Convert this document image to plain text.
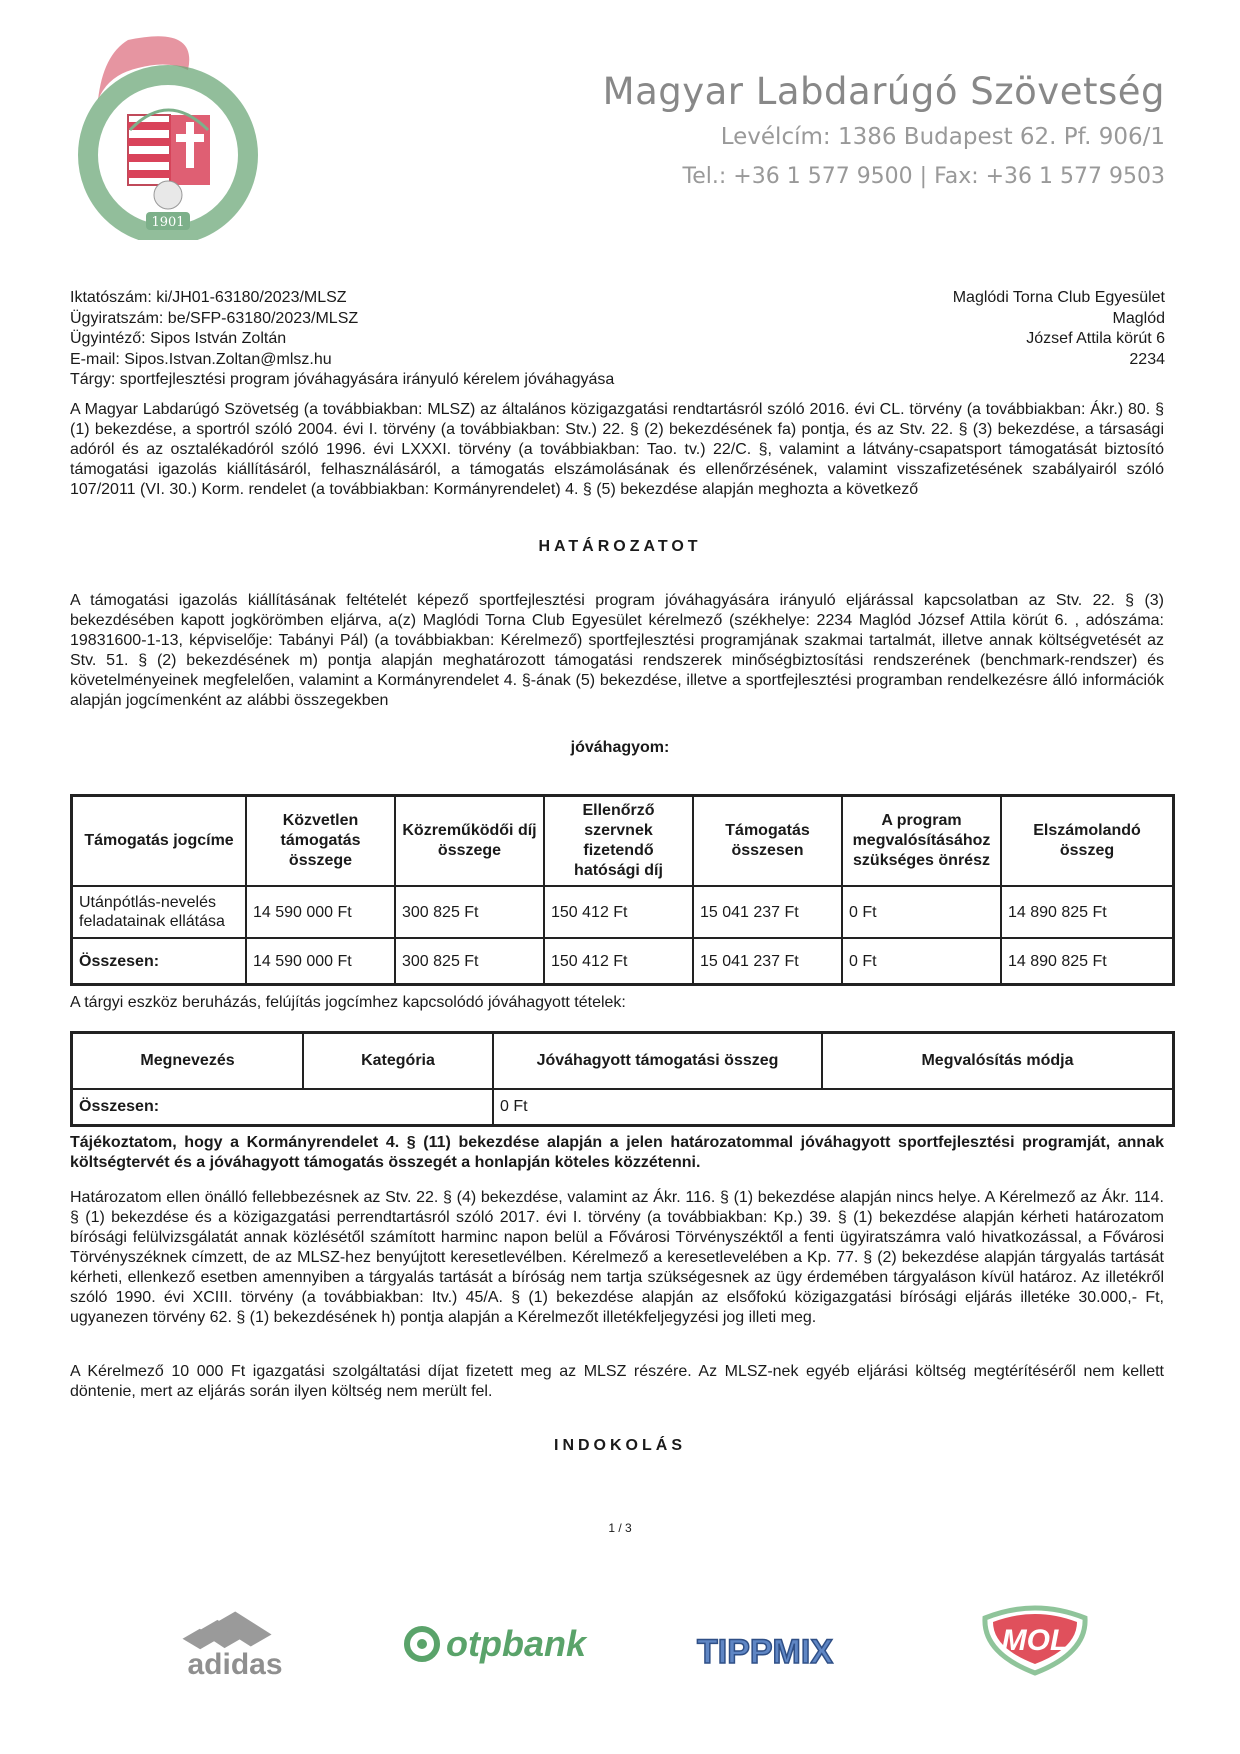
1901
Magyar Labdarúgó Szövetség
Levélcím: 1386 Budapest 62. Pf. 906/1
Tel.: +36 1 577 9500 | Fax: +36 1 577 9503
Iktatószám: ki/JH01-63180/2023/MLSZ
Ügyiratszám: be/SFP-63180/2023/MLSZ
Ügyintéző: Sipos István Zoltán
E-mail: Sipos.Istvan.Zoltan@mlsz.hu
Tárgy: sportfejlesztési program jóváhagyására irányuló kérelem jóváhagyása
Maglódi Torna Club Egyesület
Maglód
József Attila körút 6
2234
A Magyar Labdarúgó Szövetség (a továbbiakban: MLSZ) az általános közigazgatási rendtartásról szóló 2016. évi CL. törvény (a továbbiakban: Ákr.) 80. § (1) bekezdése, a sportról szóló 2004. évi I. törvény (a továbbiakban: Stv.) 22. § (2) bekezdésének fa) pontja, és az Stv. 22. § (3) bekezdése, a társasági adóról és az osztalékadóról szóló 1996. évi LXXXI. törvény (a továbbiakban: Tao. tv.) 22/C. §, valamint a látvány-csapatsport támogatását biztosító támogatási igazolás kiállításáról, felhasználásáról, a támogatás elszámolásának és ellenőrzésének, valamint visszafizetésének szabályairól szóló 107/2011 (VI. 30.) Korm. rendelet (a továbbiakban: Kormányrendelet) 4. § (5) bekezdése alapján meghozta a következő
HATÁROZATOT
A támogatási igazolás kiállításának feltételét képező sportfejlesztési program jóváhagyására irányuló eljárással kapcsolatban az Stv. 22. § (3) bekezdésében kapott jogkörömben eljárva, a(z) Maglódi Torna Club Egyesület kérelmező (székhelye: 2234 Maglód József Attila körút 6. , adószáma: 19831600-1-13, képviselője: Tabányi Pál) (a továbbiakban: Kérelmező) sportfejlesztési programjának szakmai tartalmát, illetve annak költségvetését az Stv. 51. § (2) bekezdésének m) pontja alapján meghatározott támogatási rendszerek minőségbiztosítási rendszerének (benchmark-rendszer) és követelményeinek megfelelően, valamint a Kormányrendelet 4. §-ának (5) bekezdése, illetve a sportfejlesztési programban rendelkezésre álló információk alapján jogcímenként az alábbi összegekben
jóváhagyom:
Támogatás jogcíme	Közvetlen támogatás összege	Közreműködői díj összege	Ellenőrző szervnek fizetendő hatósági díj	Támogatás összesen	A program megvalósításához szükséges önrész	Elszámolandó összeg
Utánpótlás-nevelés feladatainak ellátása	14 590 000 Ft	300 825 Ft	150 412 Ft	15 041 237 Ft	0 Ft	14 890 825 Ft
Összesen:	14 590 000 Ft	300 825 Ft	150 412 Ft	15 041 237 Ft	0 Ft	14 890 825 Ft
A tárgyi eszköz beruházás, felújítás jogcímhez kapcsolódó jóváhagyott tételek:
Megnevezés	Kategória	Jóváhagyott támogatási összeg	Megvalósítás módja
Összesen:		0 Ft	
Tájékoztatom, hogy a Kormányrendelet 4. § (11) bekezdése alapján a jelen határozatommal jóváhagyott sportfejlesztési programját, annak költségtervét és a jóváhagyott támogatás összegét a honlapján köteles közzétenni.
Határozatom ellen önálló fellebbezésnek az Stv. 22. § (4) bekezdése, valamint az Ákr. 116. § (1) bekezdése alapján nincs helye. A Kérelmező az Ákr. 114. § (1) bekezdése és a közigazgatási perrendtartásról szóló 2017. évi I. törvény (a továbbiakban: Kp.) 39. § (1) bekezdése alapján kérheti határozatom bírósági felülvizsgálatát annak közlésétől számított harminc napon belül a Fővárosi Törvényszéktől a fenti ügyiratszámra való hivatkozással, a Fővárosi Törvényszéknek címzett, de az MLSZ-hez benyújtott keresetlevélben. Kérelmező a keresetlevelében a Kp. 77. § (2) bekezdése alapján tárgyalás tartását kérheti, ellenkező esetben amennyiben a tárgyalás tartását a bíróság nem tartja szükségesnek az ügy érdemében tárgyaláson kívül határoz. Az illetékről szóló 1990. évi XCIII. törvény (a továbbiakban: Itv.) 45/A. § (1) bekezdése alapján az elsőfokú közigazgatási bírósági eljárás illetéke 30.000,- Ft, ugyanezen törvény 62. § (1) bekezdésének h) pontja alapján a Kérelmezőt illetékfeljegyzési jog illeti meg.
A Kérelmező 10 000 Ft igazgatási szolgáltatási díjat fizetett meg az MLSZ részére. Az MLSZ-nek egyéb eljárási költség megtérítéséről nem kellett döntenie, mert az eljárás során ilyen költség nem merült fel.
INDOKOLÁS
1 / 3
adidas
otpbank	TIPPMIX	MOL
